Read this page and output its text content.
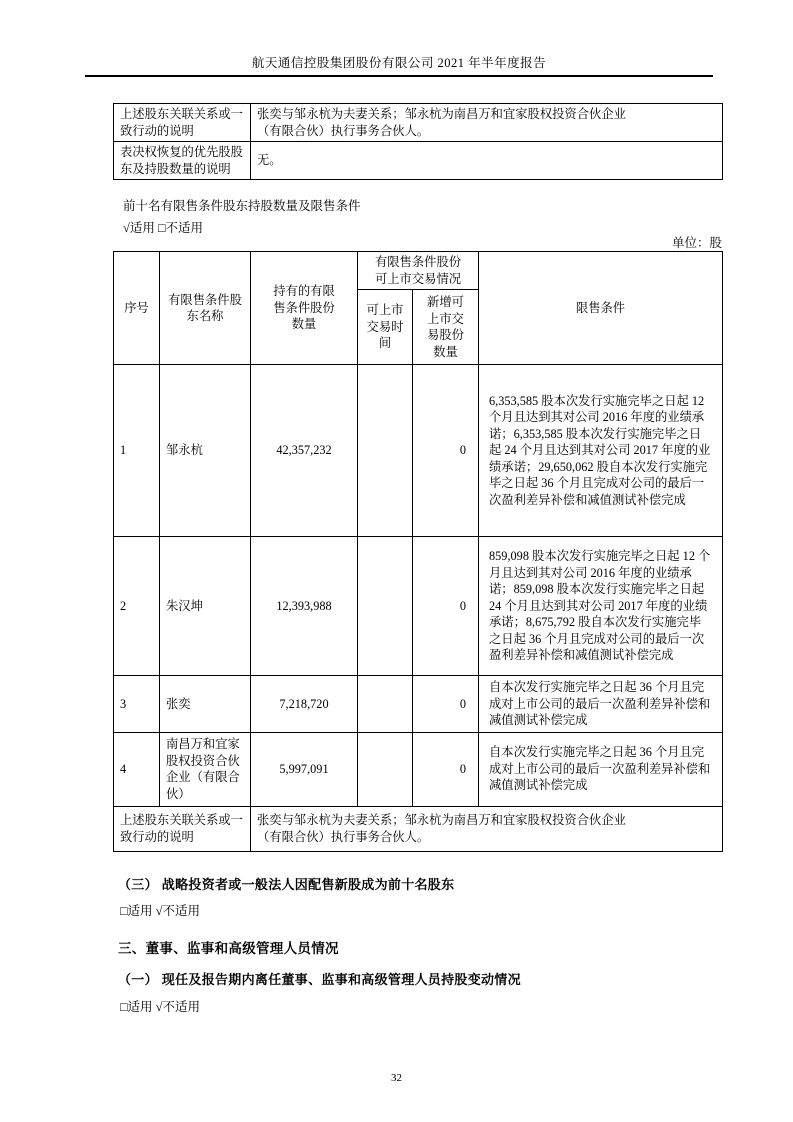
航天通信控股集团股份有限公司 2021 年半年度报告
上述股东关联关系或一致行动的说明	张奕与邹永杭为夫妻关系；邹永杭为南昌万和宜家股权投资合伙企业（有限合伙）执行事务合伙人。
表决权恢复的优先股股东及持股数量的说明	无。
前十名有限售条件股东持股数量及限售条件
√适用 □不适用
单位：股
序号	有限售条件股东名称	持有的有限售条件股份数量	有限售条件股份可上市交易情况		限售条件
			可上市交易时间	新增可上市交易股份数量	
1	邹永杭	42,357,232		0	6,353,585 股本次发行实施完毕之日起 12 个月且达到其对公司 2016 年度的业绩承诺；6,353,585 股本次发行实施完毕之日起 24 个月且达到其对公司 2017 年度的业绩承诺；29,650,062 股自本次发行实施完毕之日起 36 个月且完成对公司的最后一次盈利差异补偿和减值测试补偿完成
2	朱汉坤	12,393,988		0	859,098 股本次发行实施完毕之日起 12 个月且达到其对公司 2016 年度的业绩承诺；859,098 股本次发行实施完毕之日起 24 个月且达到其对公司 2017 年度的业绩承诺；8,675,792 股自本次发行实施完毕之日起 36 个月且完成对公司的最后一次盈利差异补偿和减值测试补偿完成
3	张奕	7,218,720		0	自本次发行实施完毕之日起 36 个月且完成对上市公司的最后一次盈利差异补偿和减值测试补偿完成
4	南昌万和宜家股权投资合伙企业（有限合伙）	5,997,091		0	自本次发行实施完毕之日起 36 个月且完成对上市公司的最后一次盈利差异补偿和减值测试补偿完成
上述股东关联关系或一致行动的说明		张奕与邹永杭为夫妻关系；邹永杭为南昌万和宜家股权投资合伙企业（有限合伙）执行事务合伙人。			
（三） 战略投资者或一般法人因配售新股成为前十名股东
□适用 √不适用
三、董事、监事和高级管理人员情况
（一） 现任及报告期内离任董事、监事和高级管理人员持股变动情况
□适用 √不适用
32
